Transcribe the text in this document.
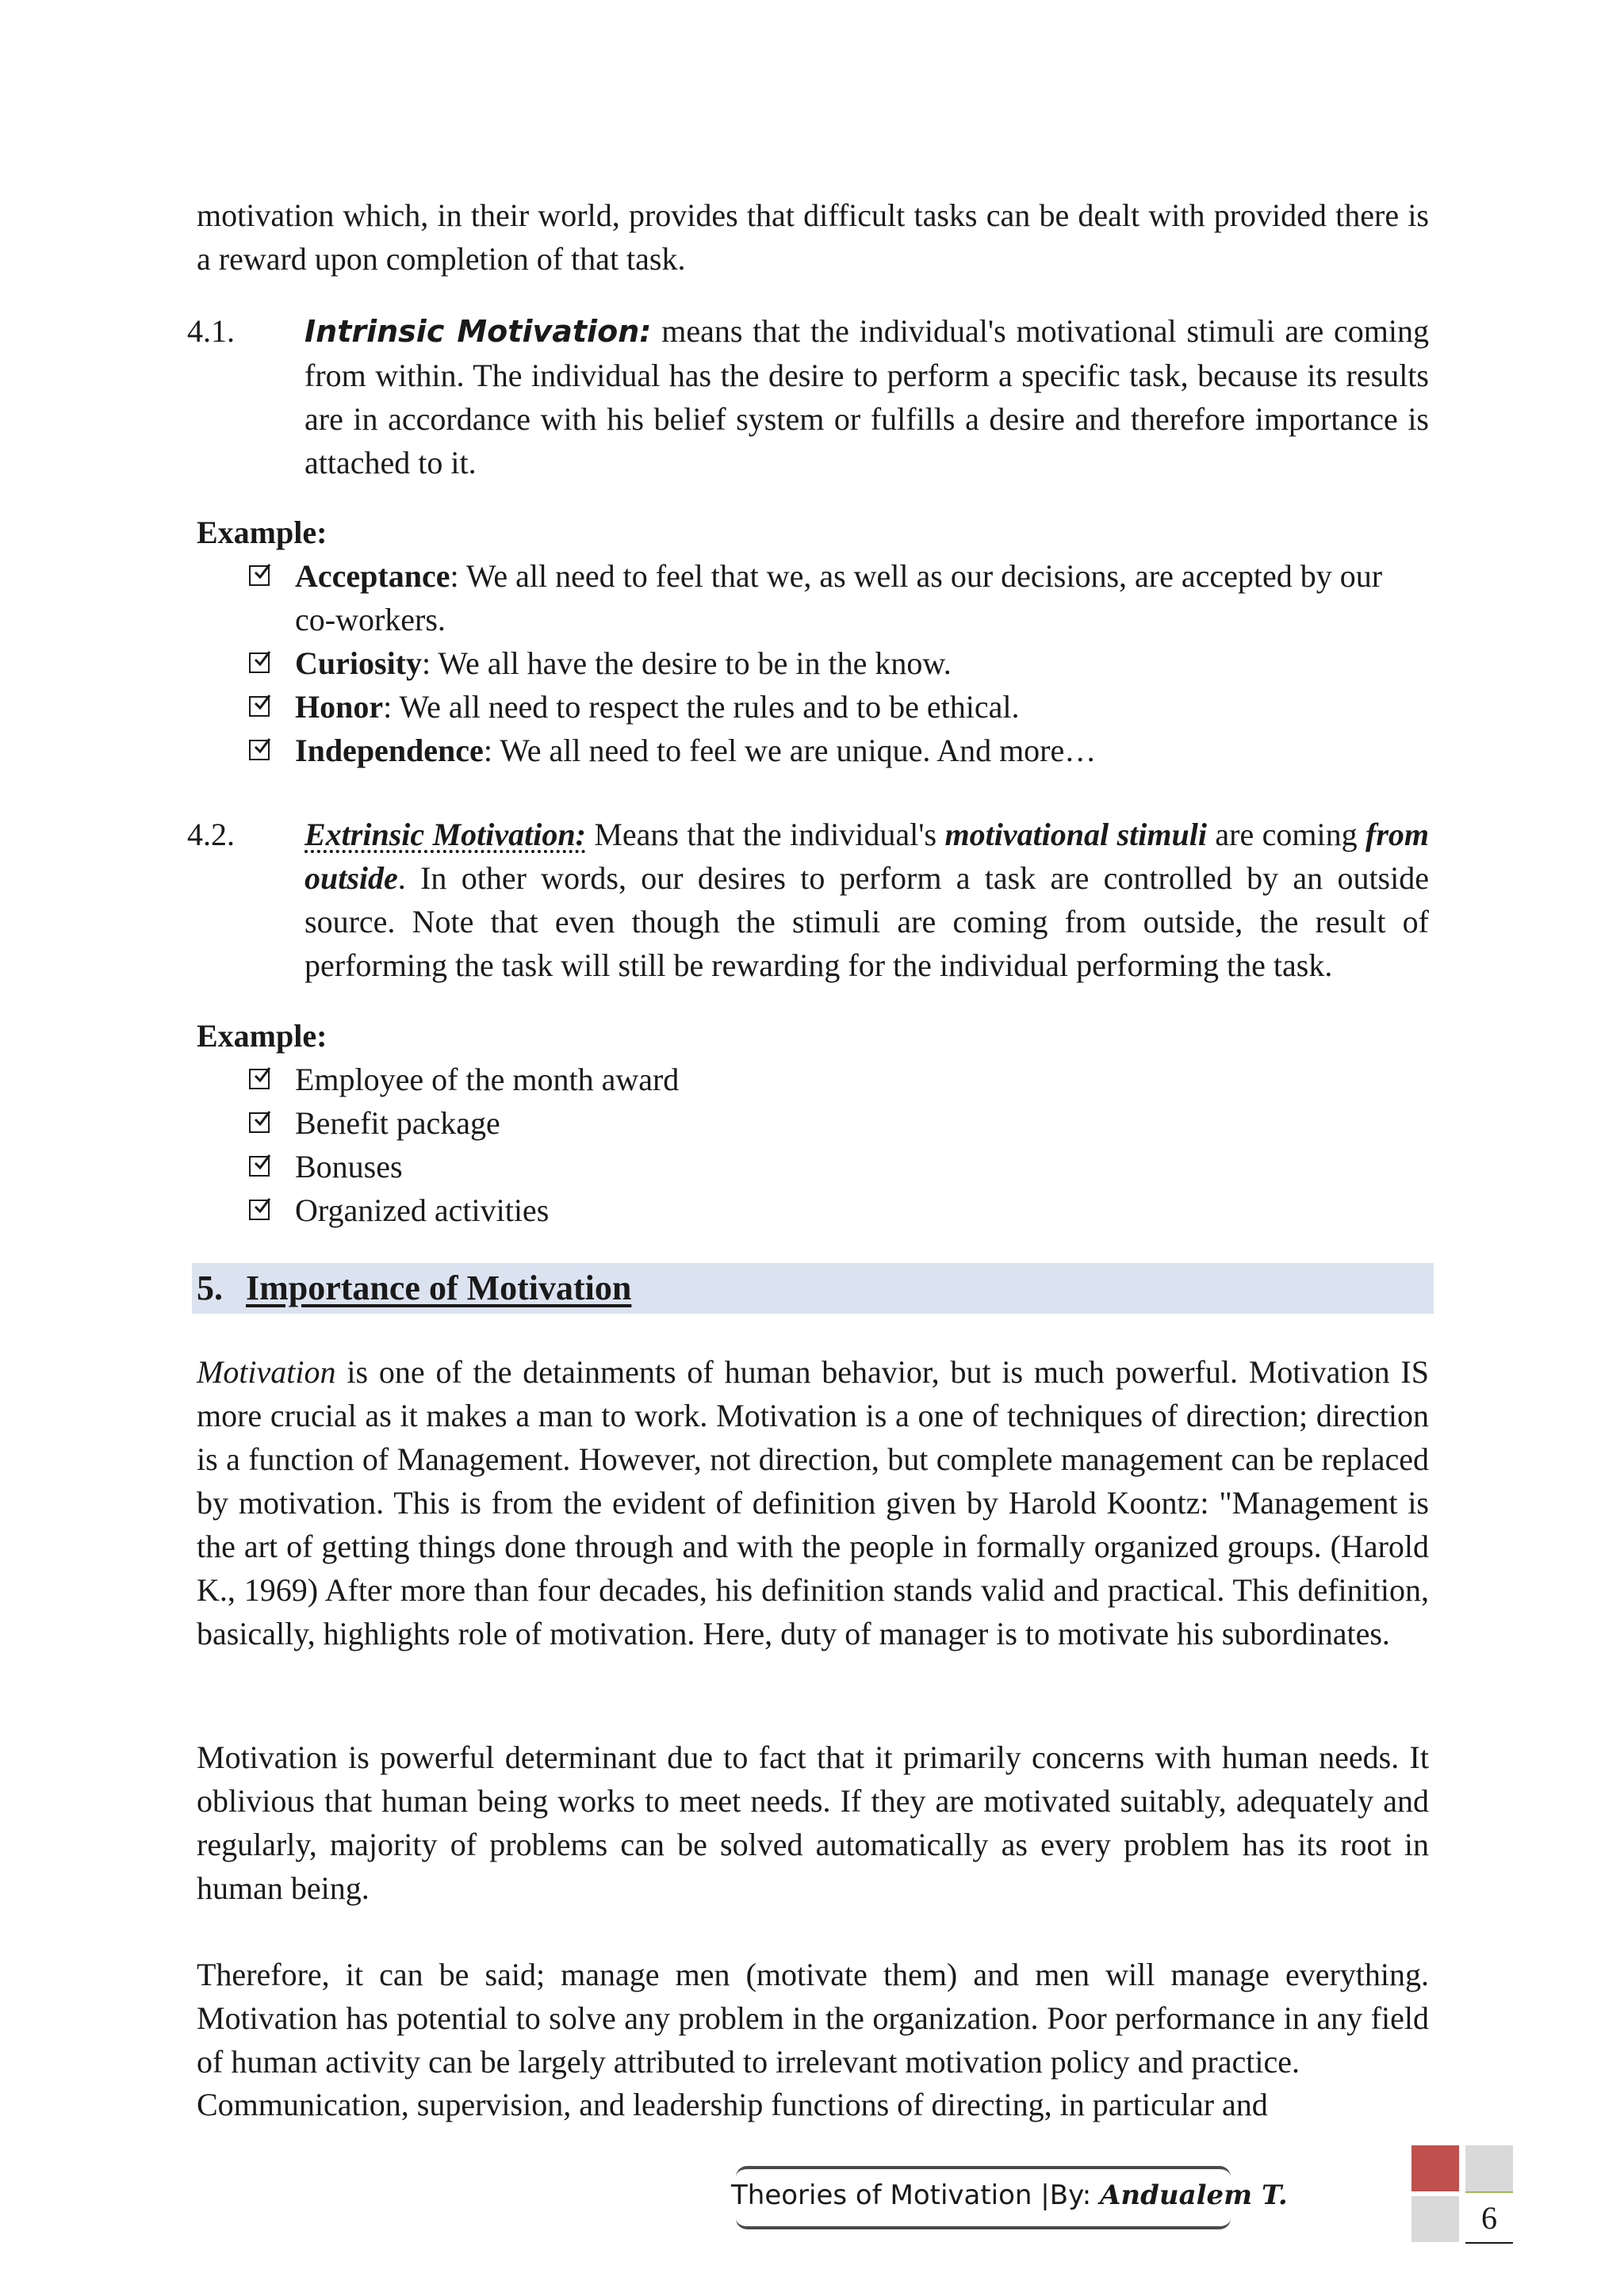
motivation which, in their world, provides that difficult tasks can be dealt with provided there is a reward upon completion of that task.
4.1. Intrinsic Motivation: means that the individual's motivational stimuli are coming from within. The individual has the desire to perform a specific task, because its results are in accordance with his belief system or fulfills a desire and therefore importance is attached to it.
Example:
Acceptance: We all need to feel that we, as well as our decisions, are accepted by our co-workers.
Curiosity: We all have the desire to be in the know.
Honor: We all need to respect the rules and to be ethical.
Independence: We all need to feel we are unique. And more…
4.2. Extrinsic Motivation: Means that the individual's motivational stimuli are coming from outside. In other words, our desires to perform a task are controlled by an outside source. Note that even though the stimuli are coming from outside, the result of performing the task will still be rewarding for the individual performing the task.
Example:
Employee of the month award
Benefit package
Bonuses
Organized activities
5. Importance of Motivation

Motivation is one of the detainments of human behavior, but is much powerful. Motivation IS more crucial as it makes a man to work. Motivation is a one of techniques of direction; direction is a function of Management. However, not direction, but complete management can be replaced by motivation. This is from the evident of definition given by Harold Koontz: "Management is the art of getting things done through and with the people in formally organized groups. (Harold K., 1969) After more than four decades, his definition stands valid and practical. This definition, basically, highlights role of motivation. Here, duty of manager is to motivate his subordinates.

Motivation is powerful determinant due to fact that it primarily concerns with human needs. It oblivious that human being works to meet needs. If they are motivated suitably, adequately and regularly, majority of problems can be solved automatically as every problem has its root in human being.

Therefore, it can be said; manage men (motivate them) and men will manage everything. Motivation has potential to solve any problem in the organization. Poor performance in any field of human activity can be largely attributed to irrelevant motivation policy and practice.

Communication, supervision, and leadership functions of directing, in particular and

Theories of Motivation |By: Andualem T.
6
